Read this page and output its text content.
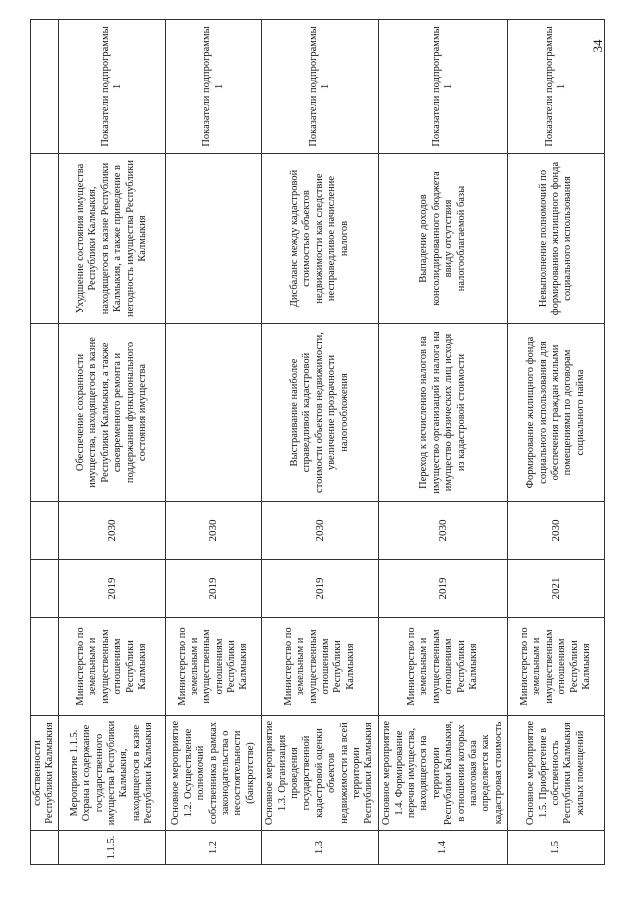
34
	собственности Республики Калмыкия						
1.1.5.	Мероприятие 1.1.5. Охрана и содержание государственного имущества Республики Калмыкия, находящегося в казне Республики Калмыкия	Министерство по земельным и имущественным отношениям Республики Калмыкия	2019	2030	Обеспечение сохранности имущества, находящегося в казне Республики Калмыкия, а также своевременного ремонта и поддержания функционального состояния имущества	Ухудшение состояния имущества Республики Калмыкия, находящегося в казне Республики Калмыкия, а также приведение в негодность имущества Республики Калмыкия	Показатели подпрограммы 1
1.2	Основное мероприятие 1.2. Осуществление полномочий собственника в рамках законодательства о несостоятельности (банкротстве)	Министерство по земельным и имущественным отношениям Республики Калмыкия	2019	2030			Показатели подпрограммы 1
1.3	Основное мероприятие 1.3. Организация проведения государственной кадастровой оценки объектов недвижимости на всей территории Республики Калмыкия	Министерство по земельным и имущественным отношениям Республики Калмыкия	2019	2030	Выстраивание наиболее справедливой кадастровой стоимости объектов недвижимости, увеличение прозрачности налогообложения	Дисбаланс между кадастровой стоимостью объектов недвижимости как следствие несправедливое начисление налогов	Показатели подпрограммы 1
1.4	Основное мероприятие 1.4. Формирование перечня имущества, находящегося на территории Республики Калмыкия, в отношении которых налоговая база определяется как кадастровая стоимость	Министерство по земельным и имущественным отношениям Республики Калмыкия	2019	2030	Переход к исчислению налогов на имущество организаций и налога на имущество физических лиц исходя из кадастровой стоимости	Выпадение доходов консолидированного бюджета ввиду отсутствия налогооблагаемой базы	Показатели подпрограммы 1
1.5	Основное мероприятие 1.5. Приобретение в собственность Республики Калмыкия жилых помещений	Министерство по земельным и имущественным отношениям Республики Калмыкия	2021	2030	Формирование жилищного фонда социального использования для обеспечения граждан жилыми помещениями по договорам социального найма	Невыполнение полномочий по формированию жилищного фонда социального использования	Показатели подпрограммы 1
